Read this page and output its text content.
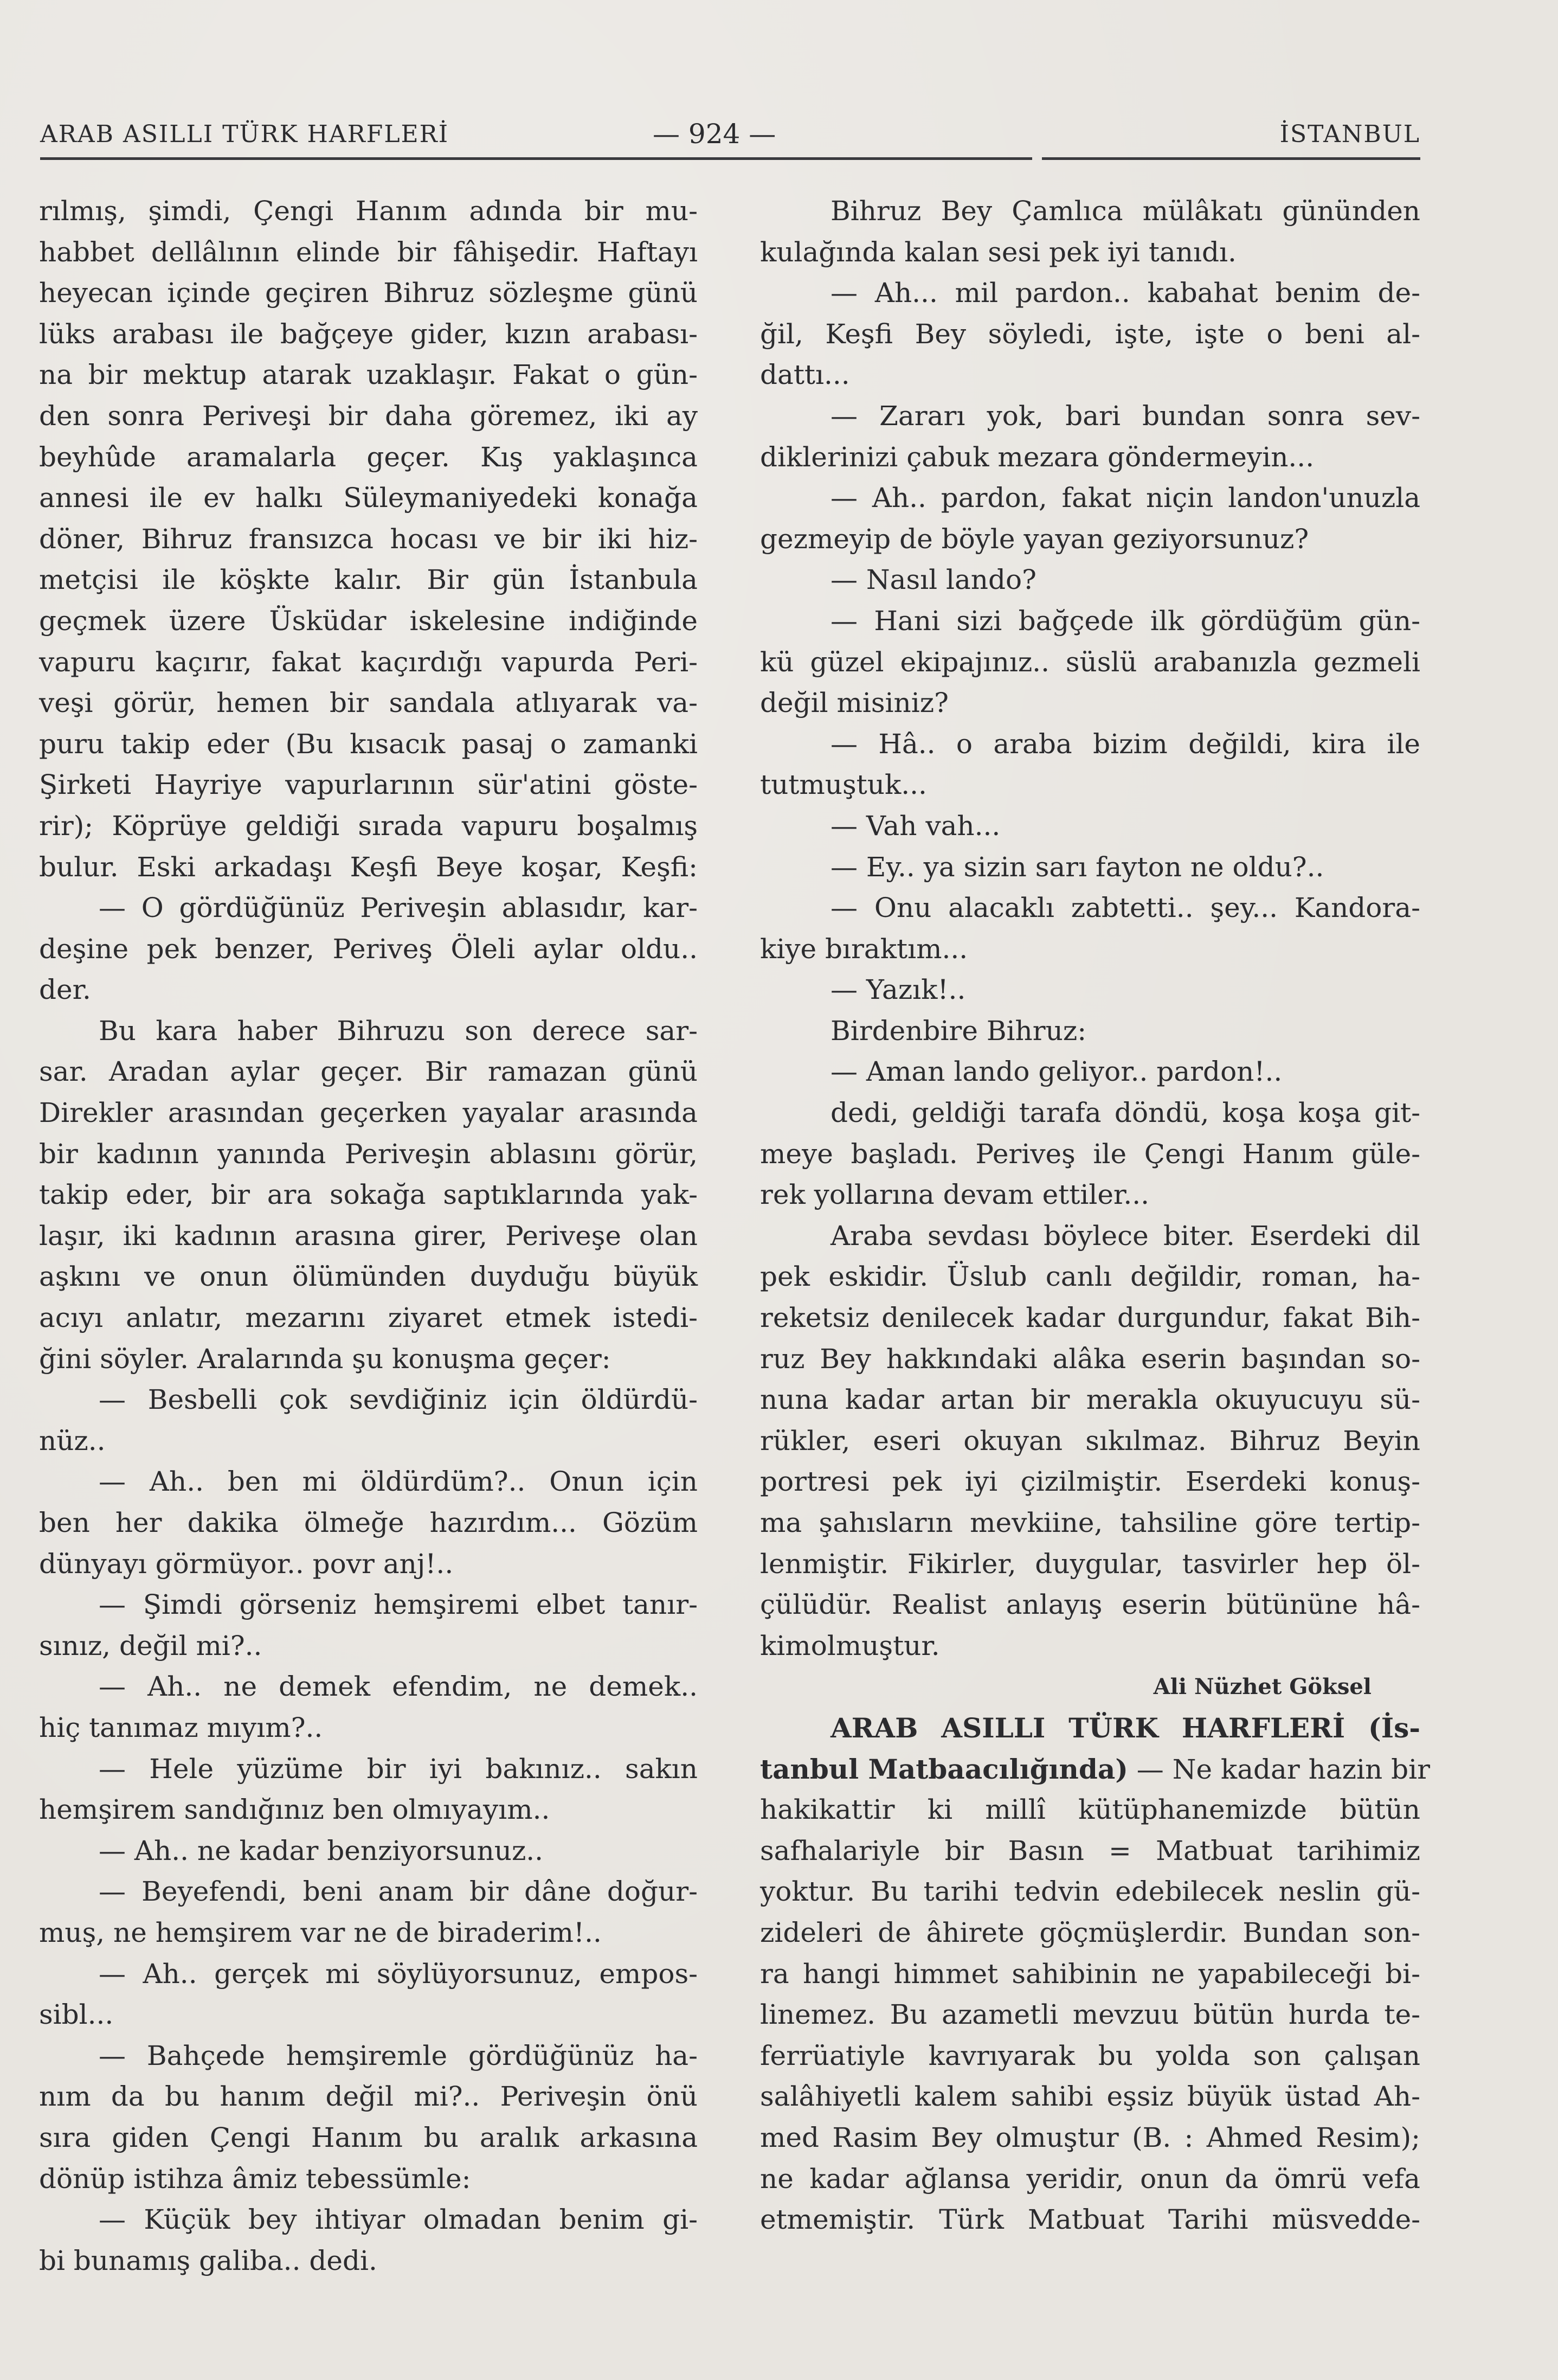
ARAB ASILLI TÜRK HARFLERİ	— 924 —	İSTANBUL
rılmış, şimdi, Çengi Hanım adında bir mu-
habbet dellâlının elinde bir fâhişedir. Haftayı
heyecan içinde geçiren Bihruz sözleşme günü
lüks arabası ile bağçeye gider, kızın arabası-
na bir mektup atarak uzaklaşır. Fakat o gün-
den sonra Periveşi bir daha göremez, iki ay
beyhûde aramalarla geçer. Kış yaklaşınca
annesi ile ev halkı Süleymaniyedeki konağa
döner, Bihruz fransızca hocası ve bir iki hiz-
metçisi ile köşkte kalır. Bir gün İstanbula
geçmek üzere Üsküdar iskelesine indiğinde
vapuru kaçırır, fakat kaçırdığı vapurda Peri-
veşi görür, hemen bir sandala atlıyarak va-
puru takip eder (Bu kısacık pasaj o zamanki
Şirketi Hayriye vapurlarının sür'atini göste-
rir); Köprüye geldiği sırada vapuru boşalmış
bulur. Eski arkadaşı Keşfi Beye koşar, Keşfi:
— O gördüğünüz Periveşin ablasıdır, kar-
deşine pek benzer, Periveş Öleli aylar oldu..
der.
Bu kara haber Bihruzu son derece sar-
sar. Aradan aylar geçer. Bir ramazan günü
Direkler arasından geçerken yayalar arasında
bir kadının yanında Periveşin ablasını görür,
takip eder, bir ara sokağa saptıklarında yak-
laşır, iki kadının arasına girer, Periveşe olan
aşkını ve onun ölümünden duyduğu büyük
acıyı anlatır, mezarını ziyaret etmek istedi-
ğini söyler. Aralarında şu konuşma geçer:
— Besbelli çok sevdiğiniz için öldürdü-
nüz..
— Ah.. ben mi öldürdüm?.. Onun için
ben her dakika ölmeğe hazırdım... Gözüm
dünyayı görmüyor.. povr anj!..
— Şimdi görseniz hemşiremi elbet tanır-
sınız, değil mi?..
— Ah.. ne demek efendim, ne demek..
hiç tanımaz mıyım?..
— Hele yüzüme bir iyi bakınız.. sakın
hemşirem sandığınız ben olmıyayım..
— Ah.. ne kadar benziyorsunuz..
— Beyefendi, beni anam bir dâne doğur-
muş, ne hemşirem var ne de biraderim!..
— Ah.. gerçek mi söylüyorsunuz, empos-
sibl...
— Bahçede hemşiremle gördüğünüz ha-
nım da bu hanım değil mi?.. Periveşin önü
sıra giden Çengi Hanım bu aralık arkasına
dönüp istihza âmiz tebessümle:
— Küçük bey ihtiyar olmadan benim gi-
bi bunamış galiba.. dedi.
Bihruz Bey Çamlıca mülâkatı gününden
kulağında kalan sesi pek iyi tanıdı.
— Ah... mil pardon.. kabahat benim de-
ğil, Keşfi Bey söyledi, işte, işte o beni al-
dattı...
— Zararı yok, bari bundan sonra sev-
diklerinizi çabuk mezara göndermeyin...
— Ah.. pardon, fakat niçin landon'unuzla
gezmeyip de böyle yayan geziyorsunuz?
— Nasıl lando?
— Hani sizi bağçede ilk gördüğüm gün-
kü güzel ekipajınız.. süslü arabanızla gezmeli
değil misiniz?
— Hâ.. o araba bizim değildi, kira ile
tutmuştuk...
— Vah vah...
— Ey.. ya sizin sarı fayton ne oldu?..
— Onu alacaklı zabtetti.. şey... Kandora-
kiye bıraktım...
— Yazık!..
Birdenbire Bihruz:
— Aman lando geliyor.. pardon!..
dedi, geldiği tarafa döndü, koşa koşa git-
meye başladı. Periveş ile Çengi Hanım güle-
rek yollarına devam ettiler...
Araba sevdası böylece biter. Eserdeki dil
pek eskidir. Üslub canlı değildir, roman, ha-
reketsiz denilecek kadar durgundur, fakat Bih-
ruz Bey hakkındaki alâka eserin başından so-
nuna kadar artan bir merakla okuyucuyu sü-
rükler, eseri okuyan sıkılmaz. Bihruz Beyin
portresi pek iyi çizilmiştir. Eserdeki konuş-
ma şahısların mevkiine, tahsiline göre tertip-
lenmiştir. Fikirler, duygular, tasvirler hep öl-
çülüdür. Realist anlayış eserin bütününe hâ-
kimolmuştur.
Ali Nüzhet Göksel
ARAB ASILLI TÜRK HARFLERİ (İs-
tanbul Matbaacılığında) — Ne kadar hazin bir
hakikattir ki millî kütüphanemizde bütün
safhalariyle bir Basın = Matbuat tarihimiz
yoktur. Bu tarihi tedvin edebilecek neslin gü-
zideleri de âhirete göçmüşlerdir. Bundan son-
ra hangi himmet sahibinin ne yapabileceği bi-
linemez. Bu azametli mevzuu bütün hurda te-
ferrüatiyle kavrıyarak bu yolda son çalışan
salâhiyetli kalem sahibi eşsiz büyük üstad Ah-
med Rasim Bey olmuştur (B. : Ahmed Resim);
ne kadar ağlansa yeridir, onun da ömrü vefa
etmemiştir. Türk Matbuat Tarihi müsvedde-
